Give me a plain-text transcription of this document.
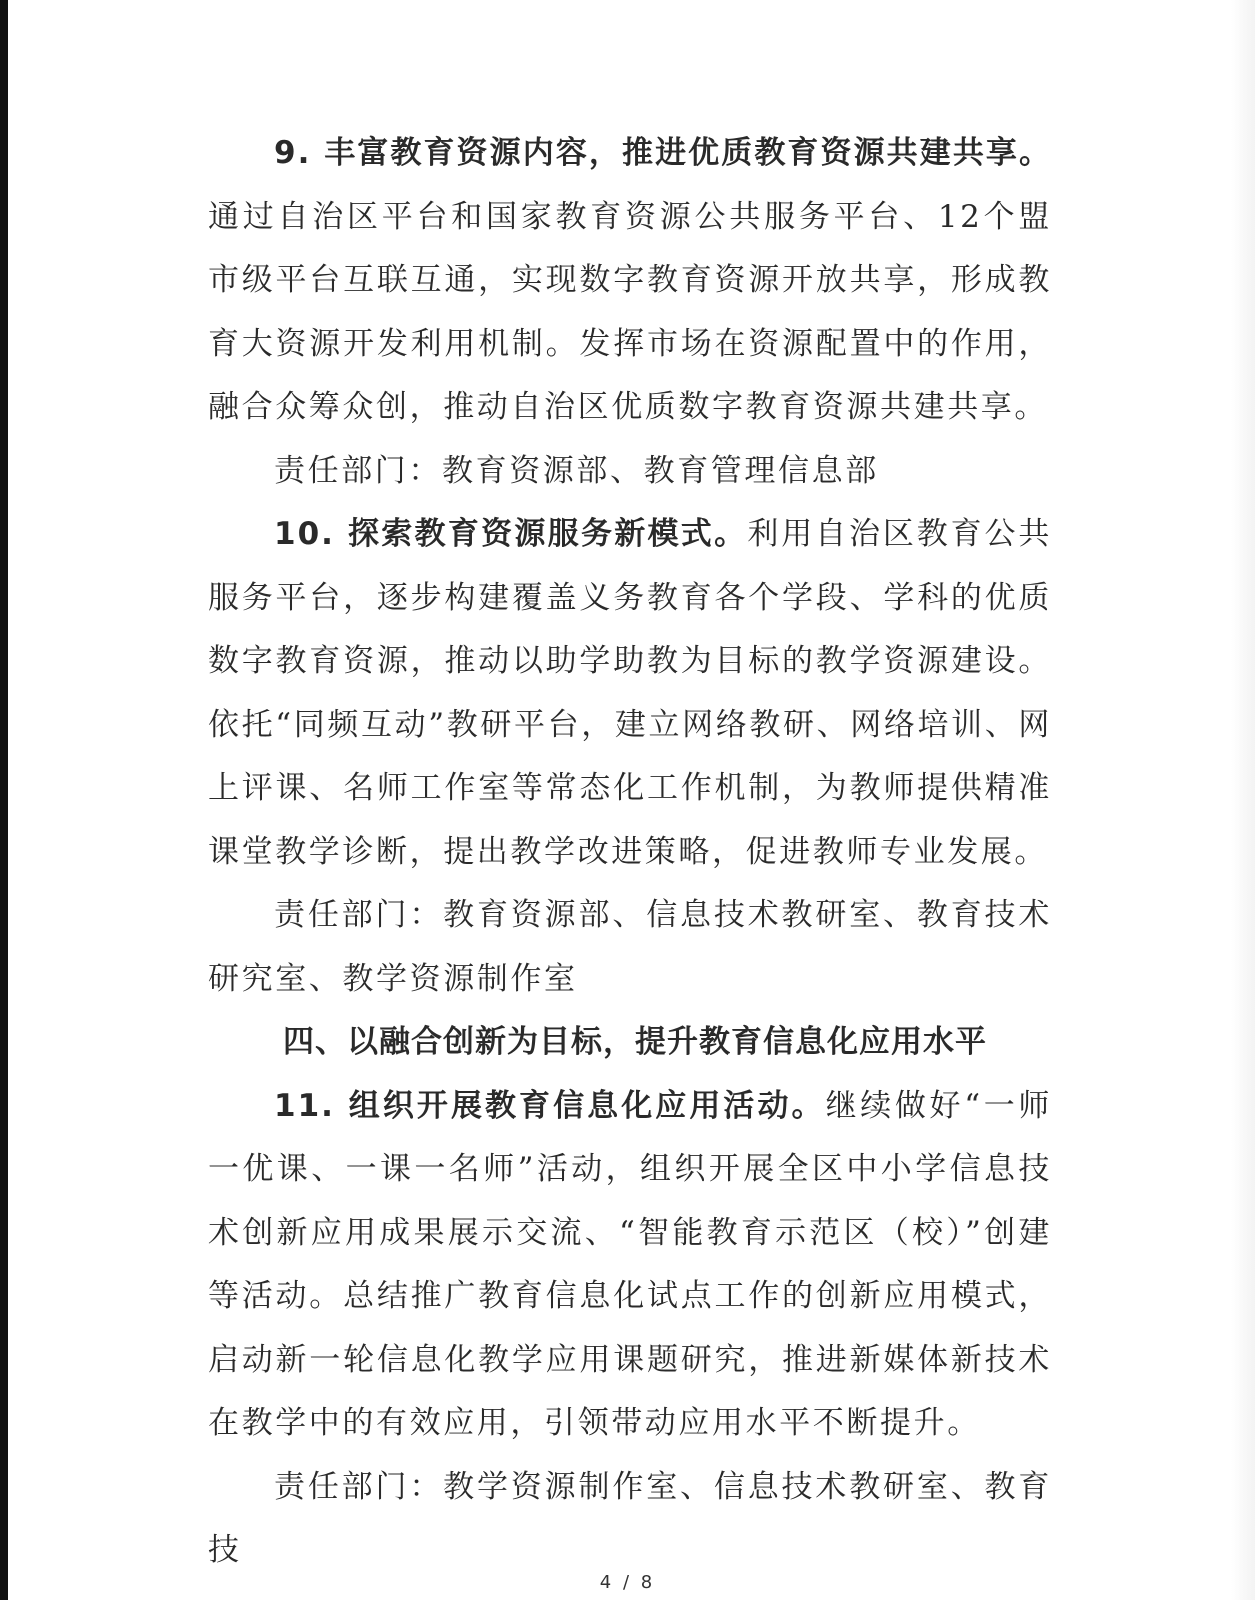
9. 丰富教育资源内容，推进优质教育资源共建共享。通过自治区平台和国家教育资源公共服务平台、12个盟市级平台互联互通，实现数字教育资源开放共享，形成教育大资源开发利用机制。发挥市场在资源配置中的作用，融合众筹众创，推动自治区优质数字教育资源共建共享。

责任部门：教育资源部、教育管理信息部

10. 探索教育资源服务新模式。利用自治区教育公共服务平台，逐步构建覆盖义务教育各个学段、学科的优质数字教育资源，推动以助学助教为目标的教学资源建设。依托“同频互动”教研平台，建立网络教研、网络培训、网上评课、名师工作室等常态化工作机制，为教师提供精准课堂教学诊断，提出教学改进策略，促进教师专业发展。

责任部门：教育资源部、信息技术教研室、教育技术研究室、教学资源制作室

四、以融合创新为目标，提升教育信息化应用水平

11. 组织开展教育信息化应用活动。继续做好“一师一优课、一课一名师”活动，组织开展全区中小学信息技术创新应用成果展示交流、“智能教育示范区（校）”创建等活动。总结推广教育信息化试点工作的创新应用模式，启动新一轮信息化教学应用课题研究，推进新媒体新技术在教学中的有效应用，引领带动应用水平不断提升。

责任部门：教学资源制作室、信息技术教研室、教育技

4 / 8
